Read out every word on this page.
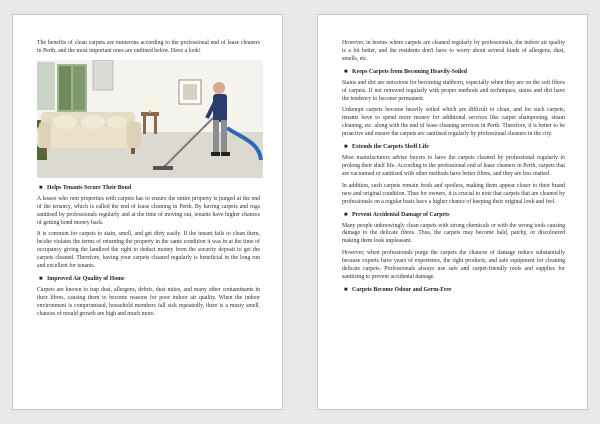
The benefits of clean carpets are numerous according to the professional end of lease cleaners in Perth, and the most important ones are outlined below. Have a look!

■ Helps Tenants Secure Their Bond

A lessee who rent properties with carpets has to ensure the entire property is purged at the end of the tenancy, which is called the end of lease cleaning in Perth. By having carpets and rugs sanitised by professionals regularly and at the time of moving out, tenants have higher chances of getting bond money back.

It is common for carpets to stain, smell, and get dirty easily. If the tenant fails to clean them, he/she violates the terms of returning the property in the same condition it was in at the time of occupancy giving the landlord the right to deduct money from the security deposit to get the carpets cleaned. Therefore, having your carpets cleaned regularly is beneficial in the long run and excellent for tenants.

■ Improved Air Quality of Home

Carpets are known to trap dust, allergens, debris, dust mites, and many other contaminants in their fibres, causing them to become reasons for poor indoor air quality. When the indoor environment is compromised, household members fall sick repeatedly, there is a musty smell, chances of mould growth are high and much more.

However, in homes where carpets are cleaned regularly by professionals, the indoor air quality is a lot better, and the residents don't have to worry about several kinds of allergens, dust, smells, etc.

■ Keeps Carpets from Becoming Heavily-Soiled

Stains and dirt are notorious for becoming stubborn, especially when they are on the soft fibres of carpets. If not removed regularly with proper methods and techniques, stains and dirt have the tendency to become permanent.

Unkempt carpets become heavily soiled which are difficult to clean, and for such carpets, tenants have to spend more money for additional services like carpet shampooing, steam cleaning, etc. along with the end of lease cleaning services in Perth. Therefore, it is better to be proactive and ensure the carpets are sanitised regularly by professional cleaners in the city.

■ Extends the Carpets Shelf Life

Most manufacturers advise buyers to have the carpets cleaned by professional regularly to prolong their shelf life. According to the professional end of lease cleaners in Perth, carpets that are vacuumed or sanitised with other methods have better fibres, and they are less matted.

In addition, such carpets remain fresh and spotless, making them appear closer to their brand new and original condition. Thus for owners, it is crucial to note that carpets that are cleaned by professionals on a regular basis have a higher chance of keeping their original look and feel.

■ Prevent Accidental Damage of Carpets

Many people unknowingly clean carpets with strong chemicals or with the wrong tools causing damage to the delicate fibres. Thus, the carpets may become bald, patchy, or discoloured making them look unpleasant.

However, when professionals purge the carpets the chances of damage reduce substantially because experts have years of experience, the right products, and safe equipment for cleaning delicate carpets. Professionals always use safe and carpet-friendly tools and supplies for sanitising to prevent accidental damage.

■ Carpets Become Odour and Germ-Free
